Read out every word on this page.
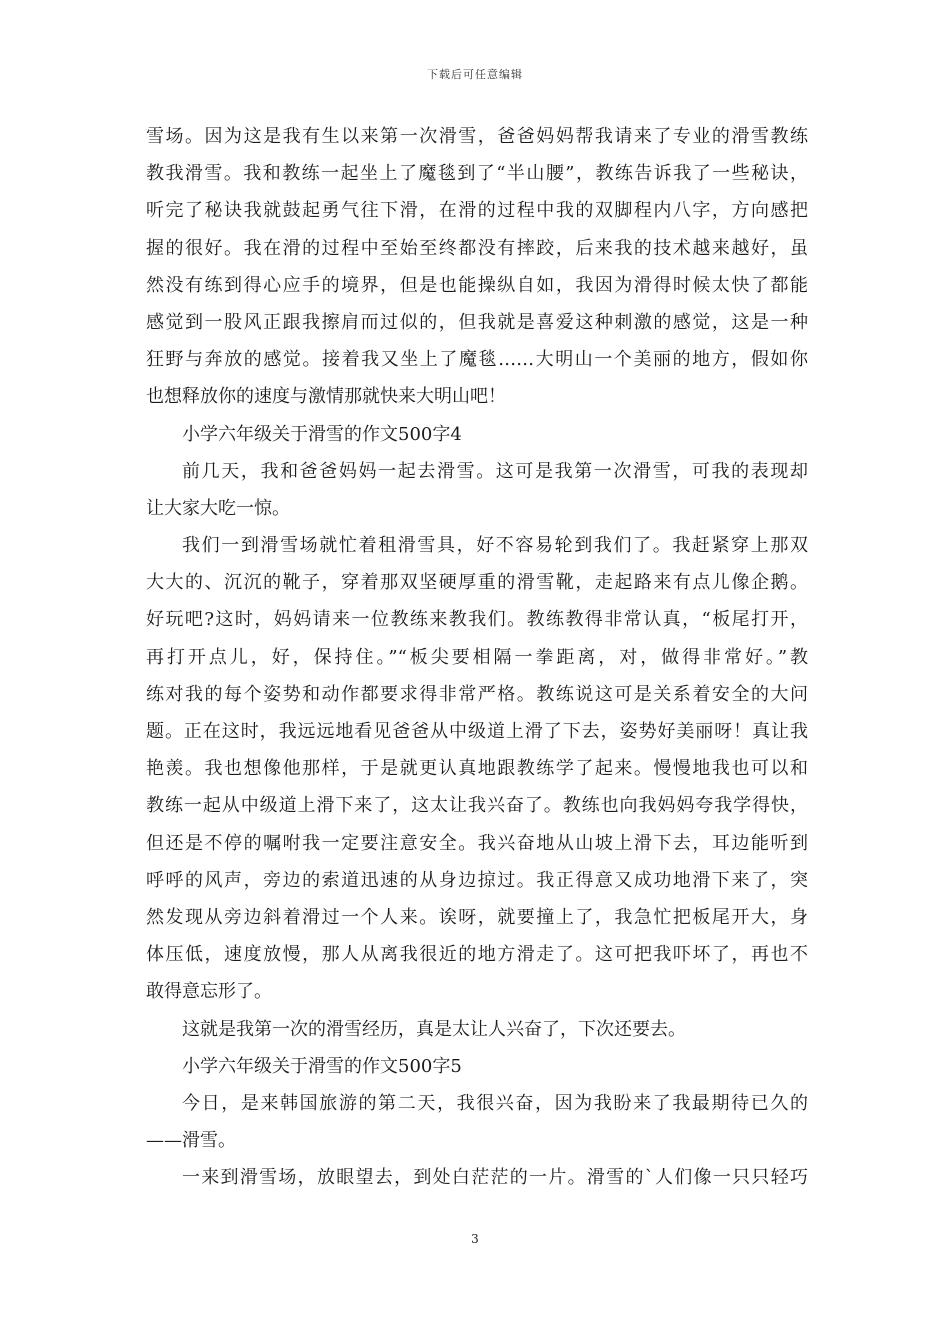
下载后可任意编辑
雪场。因为这是我有生以来第一次滑雪，爸爸妈妈帮我请来了专业的滑雪教练
教我滑雪。我和教练一起坐上了魔毯到了“半山腰”，教练告诉我了一些秘诀，
听完了秘诀我就鼓起勇气往下滑，在滑的过程中我的双脚程内八字，方向感把
握的很好。我在滑的过程中至始至终都没有摔跤，后来我的技术越来越好，虽
然没有练到得心应手的境界，但是也能操纵自如，我因为滑得时候太快了都能
感觉到一股风正跟我擦肩而过似的，但我就是喜爱这种刺激的感觉，这是一种
狂野与奔放的感觉。接着我又坐上了魔毯……大明山一个美丽的地方，假如你
也想释放你的速度与激情那就快来大明山吧！
小学六年级关于滑雪的作文500字4
前几天，我和爸爸妈妈一起去滑雪。这可是我第一次滑雪，可我的表现却
让大家大吃一惊。
我们一到滑雪场就忙着租滑雪具，好不容易轮到我们了。我赶紧穿上那双
大大的、沉沉的靴子，穿着那双坚硬厚重的滑雪靴，走起路来有点儿像企鹅。
好玩吧?这时，妈妈请来一位教练来教我们。教练教得非常认真，“板尾打开，
再打开点儿，好，保持住。”“板尖要相隔一拳距离，对，做得非常好。”教
练对我的每个姿势和动作都要求得非常严格。教练说这可是关系着安全的大问
题。正在这时，我远远地看见爸爸从中级道上滑了下去，姿势好美丽呀！真让我
艳羡。我也想像他那样，于是就更认真地跟教练学了起来。慢慢地我也可以和
教练一起从中级道上滑下来了，这太让我兴奋了。教练也向我妈妈夸我学得快，
但还是不停的嘱咐我一定要注意安全。我兴奋地从山坡上滑下去，耳边能听到
呼呼的风声，旁边的索道迅速的从身边掠过。我正得意又成功地滑下来了，突
然发现从旁边斜着滑过一个人来。诶呀，就要撞上了，我急忙把板尾开大，身
体压低，速度放慢，那人从离我很近的地方滑走了。这可把我吓坏了，再也不
敢得意忘形了。
这就是我第一次的滑雪经历，真是太让人兴奋了，下次还要去。
小学六年级关于滑雪的作文500字5
今日，是来韩国旅游的第二天，我很兴奋，因为我盼来了我最期待已久的
——滑雪。
一来到滑雪场，放眼望去，到处白茫茫的一片。滑雪的`人们像一只只轻巧
3
